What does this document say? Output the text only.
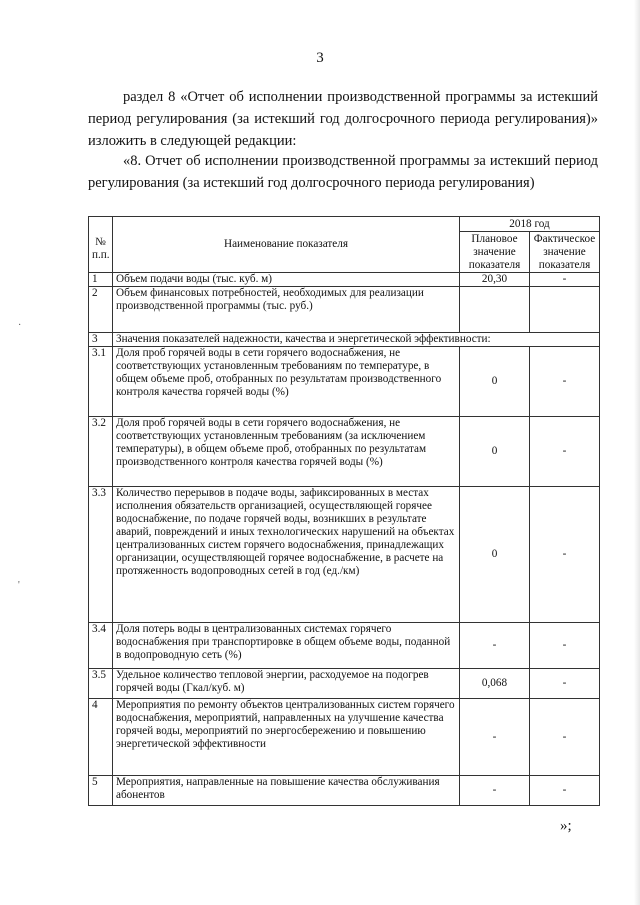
3
раздел 8 «Отчет об исполнении производственной программы за истекший период регулирования (за истекший год долгосрочного периода регулирования)» изложить в следующей редакции:
«8. Отчет об исполнении производственной программы за истекший период регулирования (за истекший год долгосрочного периода регулирования)
№ п.п.	Наименование показателя	2018 год	
		Плановое значение показателя	Фактическое значение показателя
1	Объем подачи воды (тыс. куб. м)	20,30	-
2	Объем финансовых потребностей, необходимых для реализации производственной программы (тыс. руб.)		
3	Значения показателей надежности, качества и энергетической эффективности:		
3.1	Доля проб горячей воды в сети горячего водоснабжения, не соответствующих установленным требованиям по температуре, в общем объеме проб, отобранных по результатам производственного контроля качества горячей воды (%)	0	-
3.2	Доля проб горячей воды в сети горячего водоснабжения, не соответствующих установленным требованиям (за исключением температуры), в общем объеме проб, отобранных по результатам производственного контроля качества горячей воды (%)	0	-
3.3	Количество перерывов в подаче воды, зафиксированных в местах исполнения обязательств организацией, осуществляющей горячее водоснабжение, по подаче горячей воды, возникших в результате аварий, повреждений и иных технологических нарушений на объектах централизованных систем горячего водоснабжения, принадлежащих организации, осуществляющей горячее водоснабжение, в расчете на протяженность водопроводных сетей в год (ед./км)	0	-
3.4	Доля потерь воды в централизованных системах горячего водоснабжения при транспортировке в общем объеме воды, поданной в водопроводную сеть (%)	-	-
3.5	Удельное количество тепловой энергии, расходуемое на подогрев горячей воды (Гкал/куб. м)	0,068	-
4	Мероприятия по ремонту объектов централизованных систем горячего водоснабжения, мероприятий, направленных на улучшение качества горячей воды, мероприятий по энергосбережению и повышению энергетической эффективности	-	-
5	Мероприятия, направленные на повышение качества обслуживания абонентов	-	-
·
'
»;
